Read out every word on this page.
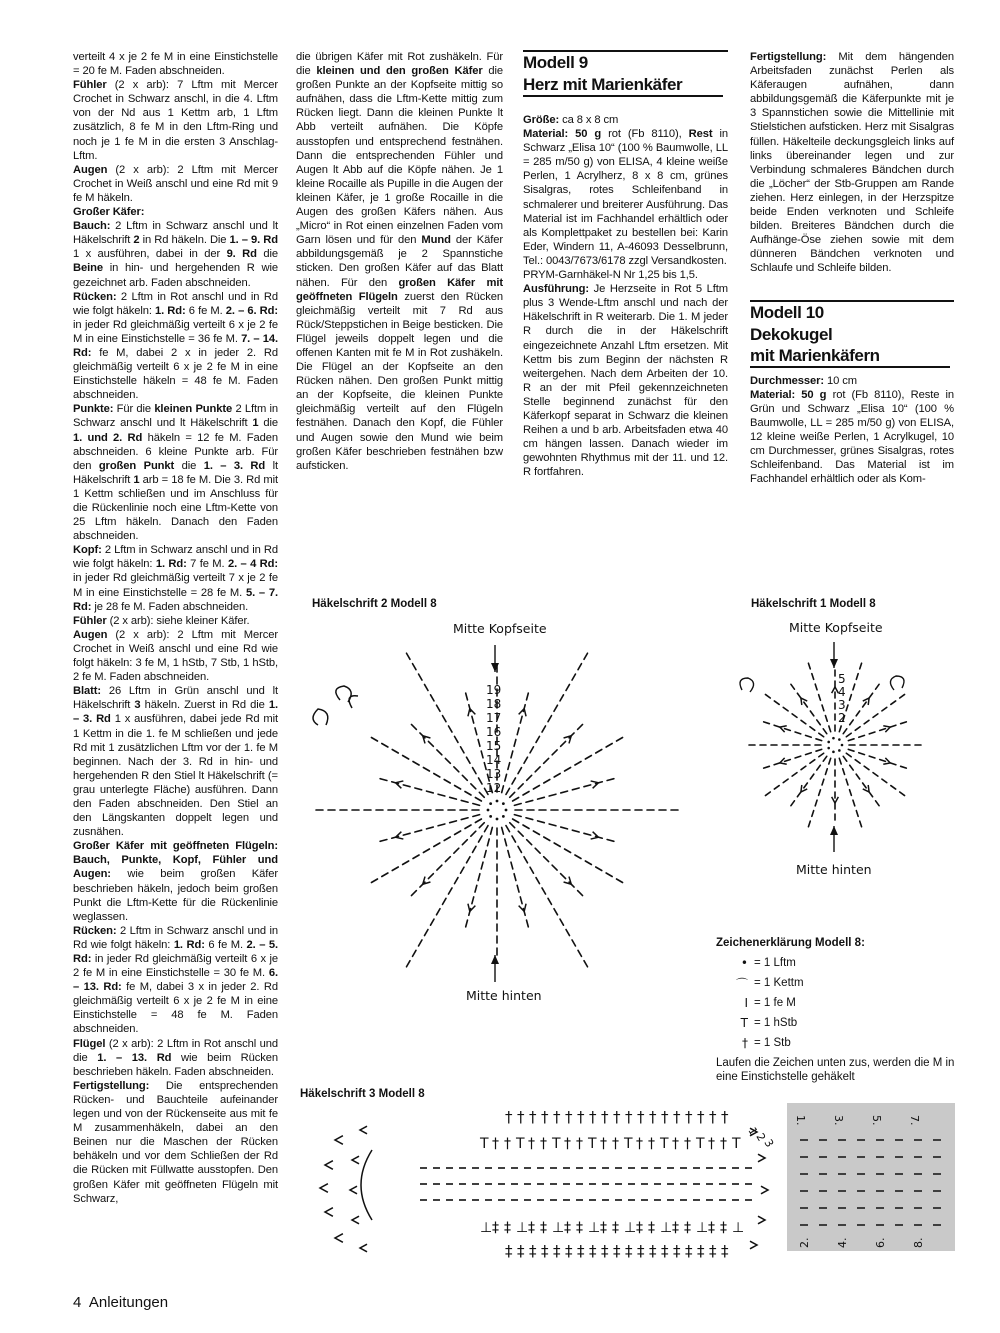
verteilt 4 x je 2 fe M in eine Einstichstelle = 20 fe M. Faden abschneiden.

Fühler (2 x arb): 7 Lftm mit Mercer Crochet in Schwarz anschl, in die 4. Lftm von der Nd aus 1 Kettm arb, 1 Lftm zusätzlich, 8 fe M in den Lftm-Ring und noch je 1 fe M in die ersten 3 Anschlag-Lftm.

Augen (2 x arb): 2 Lftm mit Mercer Crochet in Weiß anschl und eine Rd mit 9 fe M häkeln.

Großer Käfer:

Bauch: 2 Lftm in Schwarz anschl und lt Häkelschrift 2 in Rd häkeln. Die 1. – 9. Rd 1 x ausführen, dabei in der 9. Rd die Beine in hin- und hergehenden R wie gezeichnet arb. Faden abschneiden.

Rücken: 2 Lftm in Rot anschl und in Rd wie folgt häkeln: 1. Rd: 6 fe M. 2. – 6. Rd: in jeder Rd gleichmäßig verteilt 6 x je 2 fe M in eine Einstichstelle = 36 fe M. 7. – 14. Rd: fe M, dabei 2 x in jeder 2. Rd gleichmäßig verteilt 6 x je 2 fe M in eine Einstichstelle häkeln = 48 fe M. Faden abschneiden.

Punkte: Für die kleinen Punkte 2 Lftm in Schwarz anschl und lt Häkelschrift 1 die 1. und 2. Rd häkeln = 12 fe M. Faden abschneiden. 6 kleine Punkte arb. Für den großen Punkt die 1. – 3. Rd lt Häkelschrift 1 arb = 18 fe M. Die 3. Rd mit 1 Kettm schließen und im Anschluss für die Rückenlinie noch eine Lftm-Kette von 25 Lftm häkeln. Danach den Faden abschneiden.

Kopf: 2 Lftm in Schwarz anschl und in Rd wie folgt häkeln: 1. Rd: 7 fe M. 2. – 4 Rd: in jeder Rd gleichmäßig verteilt 7 x je 2 fe M in eine Einstichstelle = 28 fe M. 5. – 7. Rd: je 28 fe M. Faden abschneiden.

Fühler (2 x arb): siehe kleiner Käfer.

Augen (2 x arb): 2 Lftm mit Mercer Crochet in Weiß anschl und eine Rd wie folgt häkeln: 3 fe M, 1 hStb, 7 Stb, 1 hStb, 2 fe M. Faden abschneiden.

Blatt: 26 Lftm in Grün anschl und lt Häkelschrift 3 häkeln. Zuerst in Rd die 1. – 3. Rd 1 x ausführen, dabei jede Rd mit 1 Kettm in die 1. fe M schließen und jede Rd mit 1 zusätzlichen Lftm vor der 1. fe M beginnen. Nach der 3. Rd in hin- und hergehenden R den Stiel lt Häkelschrift (= grau unterlegte Fläche) ausführen. Dann den Faden abschneiden. Den Stiel an den Längskanten doppelt legen und zusnähen.

Großer Käfer mit geöffneten Flügeln: Bauch, Punkte, Kopf, Fühler und Augen: wie beim großen Käfer beschrieben häkeln, jedoch beim großen Punkt die Lftm-Kette für die Rückenlinie weglassen.

Rücken: 2 Lftm in Schwarz anschl und in Rd wie folgt häkeln: 1. Rd: 6 fe M. 2. – 5. Rd: in jeder Rd gleichmäßig verteilt 6 x je 2 fe M in eine Einstichstelle = 30 fe M. 6. – 13. Rd: fe M, dabei 3 x in jeder 2. Rd gleichmäßig verteilt 6 x je 2 fe M in eine Einstichstelle = 48 fe M. Faden abschneiden.

Flügel (2 x arb): 2 Lftm in Rot anschl und die 1. – 13. Rd wie beim Rücken beschrieben häkeln. Faden abschneiden.

Fertigstellung: Die entsprechenden Rücken- und Bauchteile aufeinander legen und von der Rückenseite aus mit fe M zusammenhäkeln, dabei an den Beinen nur die Maschen der Rücken behäkeln und vor dem Schließen der Rd die Rücken mit Füllwatte ausstopfen. Den großen Käfer mit geöffneten Flügeln mit Schwarz,

die übrigen Käfer mit Rot zushäkeln. Für die kleinen und den großen Käfer die großen Punkte an der Kopfseite mittig so aufnähen, dass die Lftm-Kette mittig zum Rücken liegt. Dann die kleinen Punkte lt Abb verteilt aufnähen. Die Köpfe ausstopfen und entsprechend festnähen. Dann die entsprechenden Fühler und Augen lt Abb auf die Köpfe nähen. Je 1 kleine Rocaille als Pupille in die Augen der kleinen Käfer, je 1 große Rocaille in die Augen des großen Käfers nähen. Aus „Micro“ in Rot einen einzelnen Faden vom Garn lösen und für den Mund der Käfer abbildungsgemäß je 2 Spannstiche sticken. Den großen Käfer auf das Blatt nähen. Für den großen Käfer mit geöffneten Flügeln zuerst den Rücken gleichmäßig verteilt mit 7 Rd aus Rück/Steppstichen in Beige besticken. Die Flügel jeweils doppelt legen und die offenen Kanten mit fe M in Rot zushäkeln. Die Flügel an der Kopfseite an den Rücken nähen. Den großen Punkt mittig an der Kopfseite, die kleinen Punkte gleichmäßig verteilt auf den Flügeln festnähen. Danach den Kopf, die Fühler und Augen sowie den Mund wie beim großen Käfer beschrieben festnähen bzw aufsticken.

Modell 9
Herz mit Marienkäfer

Größe: ca 8 x 8 cm

Material: 50 g rot (Fb 8110), Rest in Schwarz „Elisa 10“ (100 % Baumwolle, LL = 285 m/50 g) von ELISA, 4 kleine weiße Perlen, 1 Acrylherz, 8 x 8 cm, grünes Sisalgras, rotes Schleifenband in schmalerer und breiterer Ausführung. Das Material ist im Fachhandel erhältlich oder als Komplettpaket zu bestellen bei: Karin Eder, Windern 11, A-46093 Desselbrunn, Tel.: 0043/7673/6178 zzgl Versandkosten.

PRYM-Garnhäkel-N Nr 1,25 bis 1,5.

Ausführung: Je Herzseite in Rot 5 Lftm plus 3 Wende-Lftm anschl und nach der Häkelschrift in R weiterarb. Die 1. M jeder R durch die in der Häkelschrift eingezeichnete Anzahl Lftm ersetzen. Mit Kettm bis zum Beginn der nächsten R weitergehen. Nach dem Arbeiten der 10. R an der mit Pfeil gekennzeichneten Stelle beginnend zunächst für den Käferkopf separat in Schwarz die kleinen Reihen a und b arb. Arbeitsfaden etwa 40 cm hängen lassen. Danach wieder im gewohnten Rhythmus mit der 11. und 12. R fortfahren.

Fertigstellung: Mit dem hängenden Arbeitsfaden zunächst Perlen als Käferaugen aufnähen, dann abbildungsgemäß die Käferpunkte mit je 3 Spannstichen sowie die Mittellinie mit Stielstichen aufsticken. Herz mit Sisalgras füllen. Häkelteile deckungsgleich links auf links übereinander legen und zur Verbindung schmaleres Bändchen durch die „Löcher“ der Stb-Gruppen am Rande ziehen. Herz einlegen, in der Herzspitze beide Enden verknoten und Schleife bilden. Breiteres Bändchen durch die Aufhänge-Öse ziehen sowie mit dem dünneren Bändchen verknoten und Schlaufe und Schleife bilden.

Modell 10
Dekokugel
mit Marienkäfern

Durchmesser: 10 cm

Material: 50 g rot (Fb 8110), Reste in Grün und Schwarz „Elisa 10“ (100 % Baumwolle, LL = 285 m/50 g) von ELISA, 12 kleine weiße Perlen, 1 Acrylkugel, 10 cm Durchmesser, grünes Sisalgras, rotes Schleifenband. Das Material ist im Fachhandel erhältlich oder als Kom-

Häkelschrift 2 Modell 8
Mitte Kopfseite
Mitte hinten
Häkelschrift 1 Modell 8
Mitte Kopfseite
Mitte hinten
Häkelschrift 3 Modell 8
19
18
17
16
15
14
13
12
5
4
3
2
† † † † † † † † † † † † † † † † † † †
T † † T † † T † † T † † T † † T † † T † † T
⊥ ‡ ‡ ⊥ ‡ ‡ ⊥ ‡ ‡ ⊥ ‡ ‡ ⊥ ‡ ‡ ⊥ ‡ ‡ ⊥ ‡ ‡ ⊥
‡ ‡ ‡ ‡ ‡ ‡ ‡ ‡ ‡ ‡ ‡ ‡ ‡ ‡ ‡ ‡ ‡ ‡ ‡
1. 3. 5. 7.
2. 4. 6. 8.
1
2
3
Zeichenerklärung Modell 8:
• = 1 Lftm
⌒ = 1 Kettm
I = 1 fe M
T = 1 hStb
† = 1 Stb
Laufen die Zeichen unten zus, werden die M in eine Einstichstelle gehäkelt
4 Anleitungen
